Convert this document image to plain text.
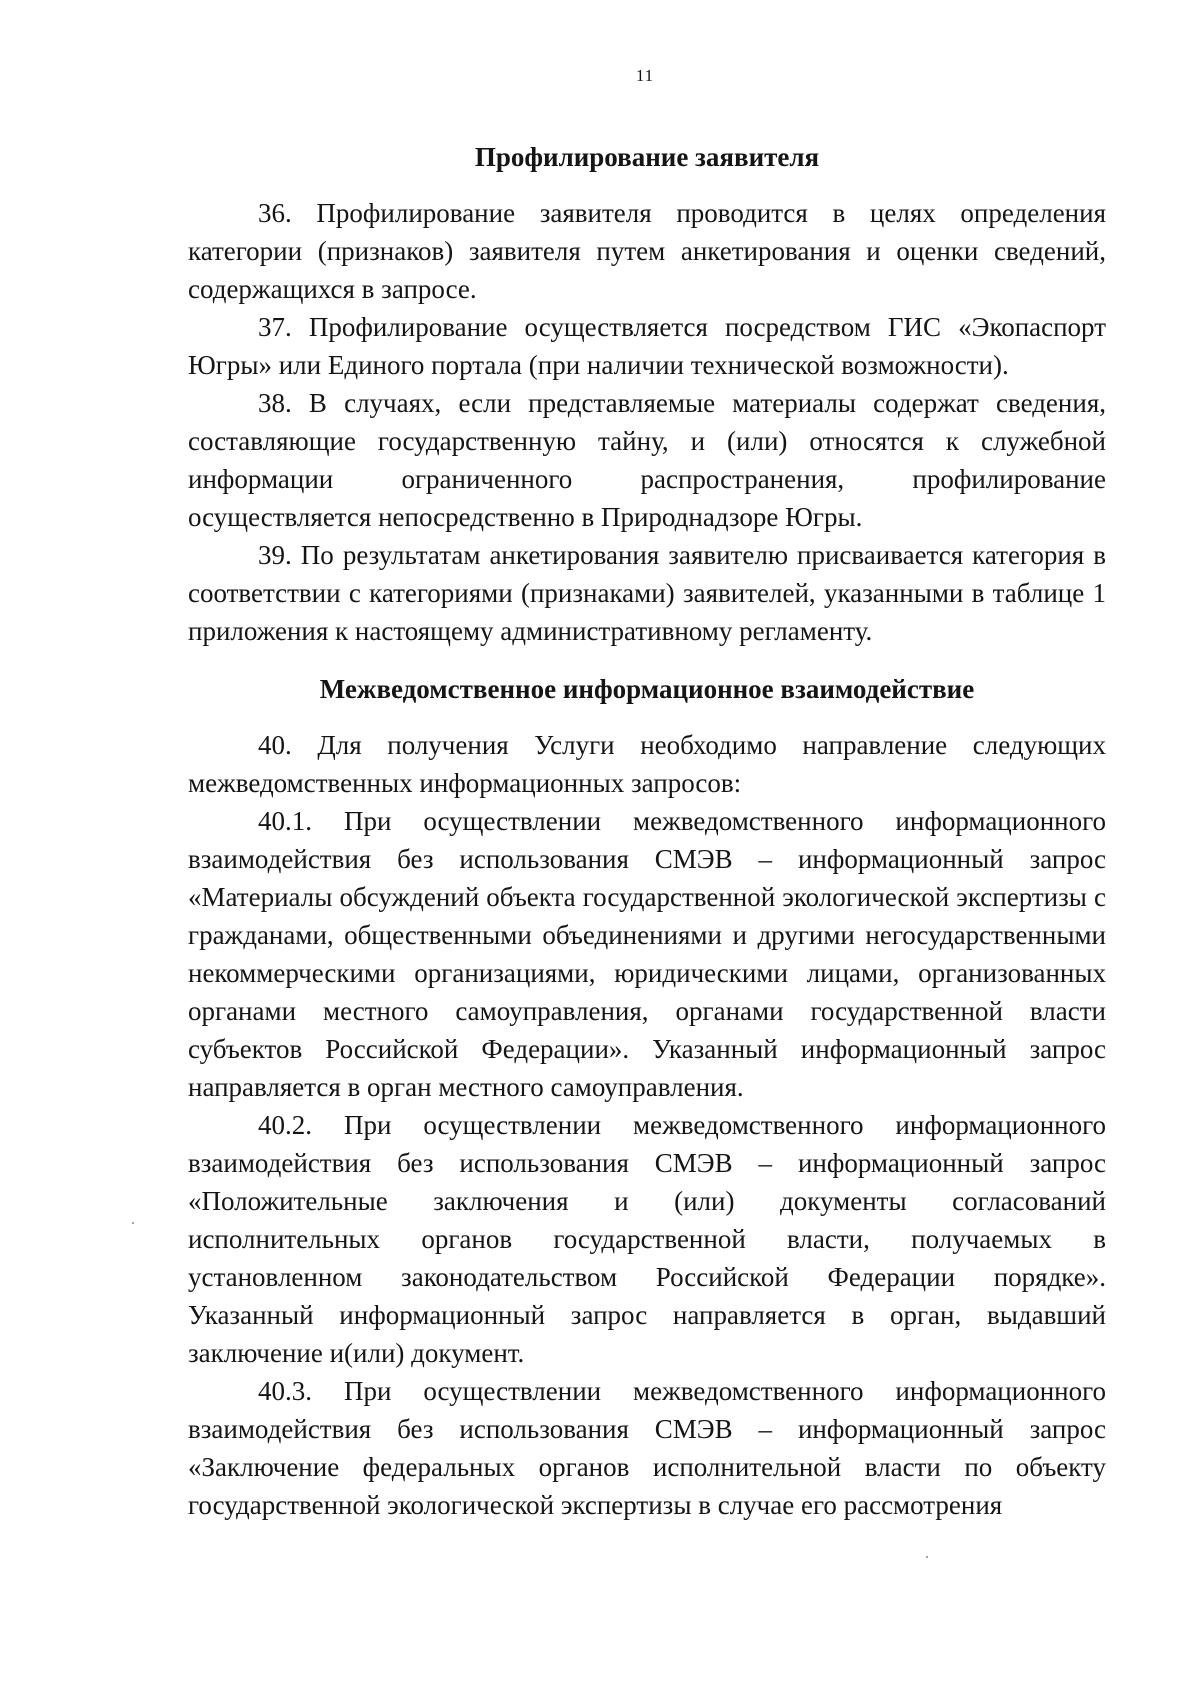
11
Профилирование заявителя

36. Профилирование заявителя проводится в целях определения категории (признаков) заявителя путем анкетирования и оценки сведений, содержащихся в запросе.

37. Профилирование осуществляется посредством ГИС «Экопаспорт Югры» или Единого портала (при наличии технической возможности).

38. В случаях, если представляемые материалы содержат сведения, составляющие государственную тайну, и (или) относятся к служебной информации ограниченного распространения, профилирование осуществляется непосредственно в Природнадзоре Югры.

39. По результатам анкетирования заявителю присваивается категория в соответствии с категориями (признаками) заявителей, указанными в таблице 1 приложения к настоящему административному регламенту.

Межведомственное информационное взаимодействие

40. Для получения Услуги необходимо направление следующих межведомственных информационных запросов:

40.1. При осуществлении межведомственного информационного взаимодействия без использования СМЭВ – информационный запрос «Материалы обсуждений объекта государственной экологической экспертизы с гражданами, общественными объединениями и другими негосударственными некоммерческими организациями, юридическими лицами, организованных органами местного самоуправления, органами государственной власти субъектов Российской Федерации». Указанный информационный запрос направляется в орган местного самоуправления.

40.2. При осуществлении межведомственного информационного взаимодействия без использования СМЭВ – информационный запрос «Положительные заключения и (или) документы согласований исполнительных органов государственной власти, получаемых в установленном законодательством Российской Федерации порядке». Указанный информационный запрос направляется в орган, выдавший заключение и(или) документ.

40.3. При осуществлении межведомственного информационного взаимодействия без использования СМЭВ – информационный запрос «Заключение федеральных органов исполнительной власти по объекту государственной экологической экспертизы в случае его рассмотрения
